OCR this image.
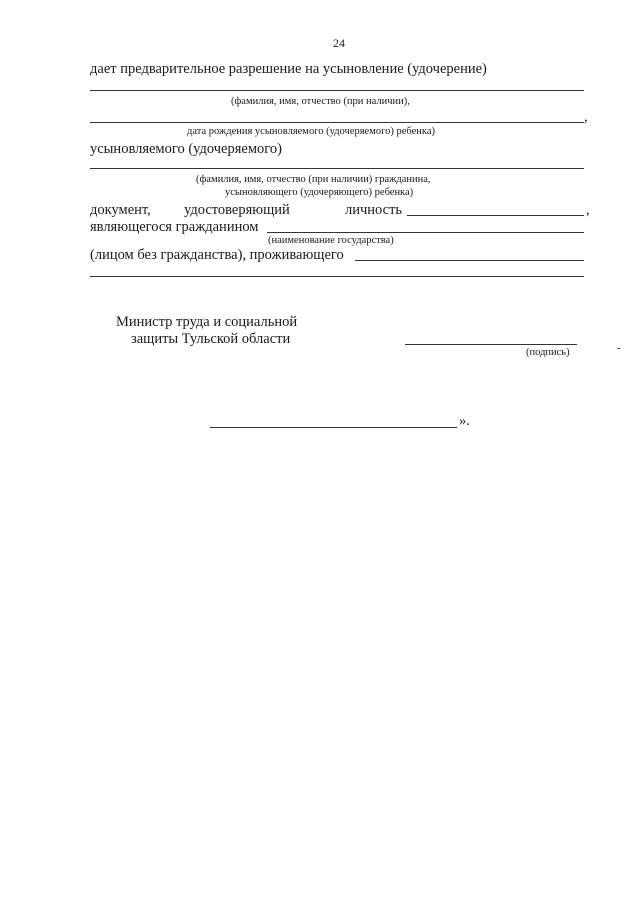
24
дает предварительное разрешение на усыновление (удочерение)
(фамилия, имя, отчество (при наличии),
,
дата рождения усыновляемого (удочеряемого) ребенка)
усыновляемого (удочеряемого)
(фамилия, имя, отчество (при наличии) гражданина,
усыновляющего (удочеряющего) ребенка)
документ, удостоверяющий	личность	,
являющегося гражданином
(наименование государства)
(лицом без гражданства), проживающего
Министр труда и социальной
защиты Тульской области
(подпись)	-
».
